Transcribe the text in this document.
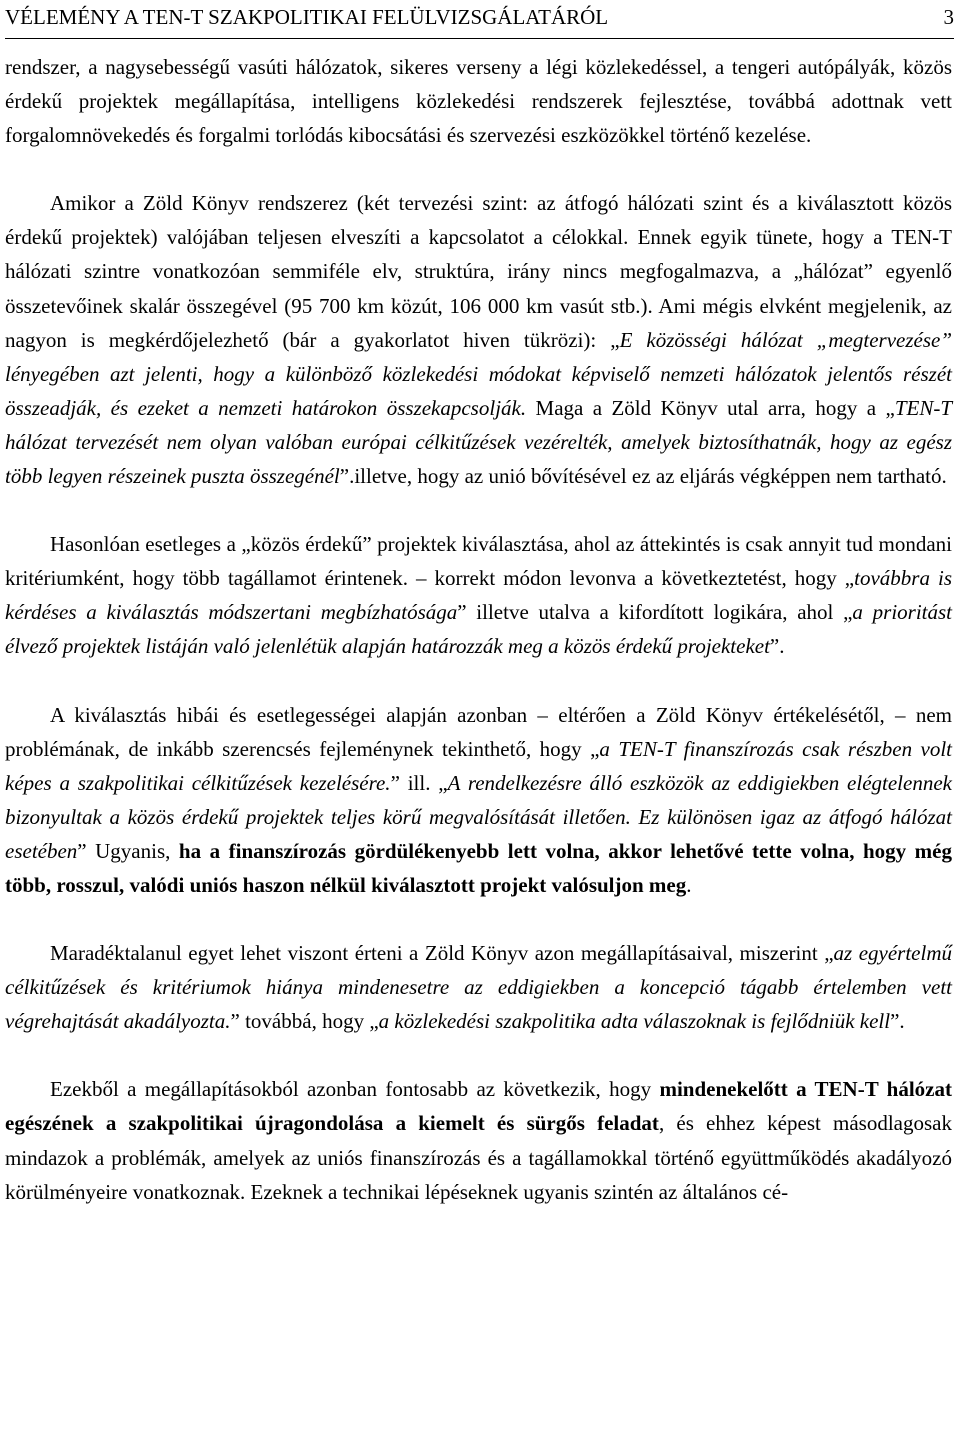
VÉLEMÉNY A TEN-T SZAKPOLITIKAI FELÜLVIZSGÁLATÁRÓL	3

rendszer, a nagysebességű vasúti hálózatok, sikeres verseny a légi közlekedéssel, a tengeri autópályák, közös érdekű projektek megállapítása, intelligens közlekedési rendszerek fejlesztése, továbbá adottnak vett forgalomnövekedés és forgalmi torlódás kibocsátási és szervezési eszközökkel történő kezelése.

Amikor a Zöld Könyv rendszerez (két tervezési szint: az átfogó hálózati szint és a kiválasztott közös érdekű projektek) valójában teljesen elveszíti a kapcsolatot a célokkal. Ennek egyik tünete, hogy a TEN-T hálózati szintre vonatkozóan semmiféle elv, struktúra, irány nincs megfogalmazva, a „hálózat” egyenlő összetevőinek skalár összegével (95 700 km közút, 106 000 km vasút stb.). Ami mégis elvként megjelenik, az nagyon is megkérdőjelezhető (bár a gyakorlatot hiven tükrözi): „E közösségi hálózat „megtervezése” lényegében azt jelenti, hogy a különböző közlekedési módokat képviselő nemzeti hálózatok jelentős részét összeadják, és ezeket a nemzeti határokon összekapcsolják. Maga a Zöld Könyv utal arra, hogy a „TEN-T hálózat tervezését nem olyan valóban európai célkitűzések vezérelték, amelyek biztosíthatnák, hogy az egész több legyen részeinek puszta összegénél”.illetve, hogy az unió bővítésével ez az eljárás végképpen nem tartható.

Hasonlóan esetleges a „közös érdekű” projektek kiválasztása, ahol az áttekintés is csak annyit tud mondani kritériumként, hogy több tagállamot érintenek. – korrekt módon levonva a következtetést, hogy „továbbra is kérdéses a kiválasztás módszertani megbízhatósága” illetve utalva a kifordított logikára, ahol „a prioritást élvező projektek listáján való jelenlétük alapján határozzák meg a közös érdekű projekteket”.

A kiválasztás hibái és esetlegességei alapján azonban – eltérően a Zöld Könyv értékelésétől, – nem problémának, de inkább szerencsés fejleménynek tekinthető, hogy „a TEN-T finanszírozás csak részben volt képes a szakpolitikai célkitűzések kezelésére.” ill. „A rendelkezésre álló eszközök az eddigiekben elégtelennek bizonyultak a közös érdekű projektek teljes körű megvalósítását illetően. Ez különösen igaz az átfogó hálózat esetében” Ugyanis, ha a finanszírozás gördülékenyebb lett volna, akkor lehetővé tette volna, hogy még több, rosszul, valódi uniós haszon nélkül kiválasztott projekt valósuljon meg.

Maradéktalanul egyet lehet viszont érteni a Zöld Könyv azon megállapításaival, miszerint „az egyértelmű célkitűzések és kritériumok hiánya mindenesetre az eddigiekben a koncepció tágabb értelemben vett végrehajtását akadályozta.” továbbá, hogy „a közlekedési szakpolitika adta válaszoknak is fejlődniük kell”.

Ezekből a megállapításokból azonban fontosabb az következik, hogy mindenekelőtt a TEN-T hálózat egészének a szakpolitikai újragondolása a kiemelt és sürgős feladat, és ehhez képest másodlagosak mindazok a problémák, amelyek az uniós finanszírozás és a tagállamokkal történő együttműködés akadályozó körülményeire vonatkoznak. Ezeknek a technikai lépéseknek ugyanis szintén az általános cé-
